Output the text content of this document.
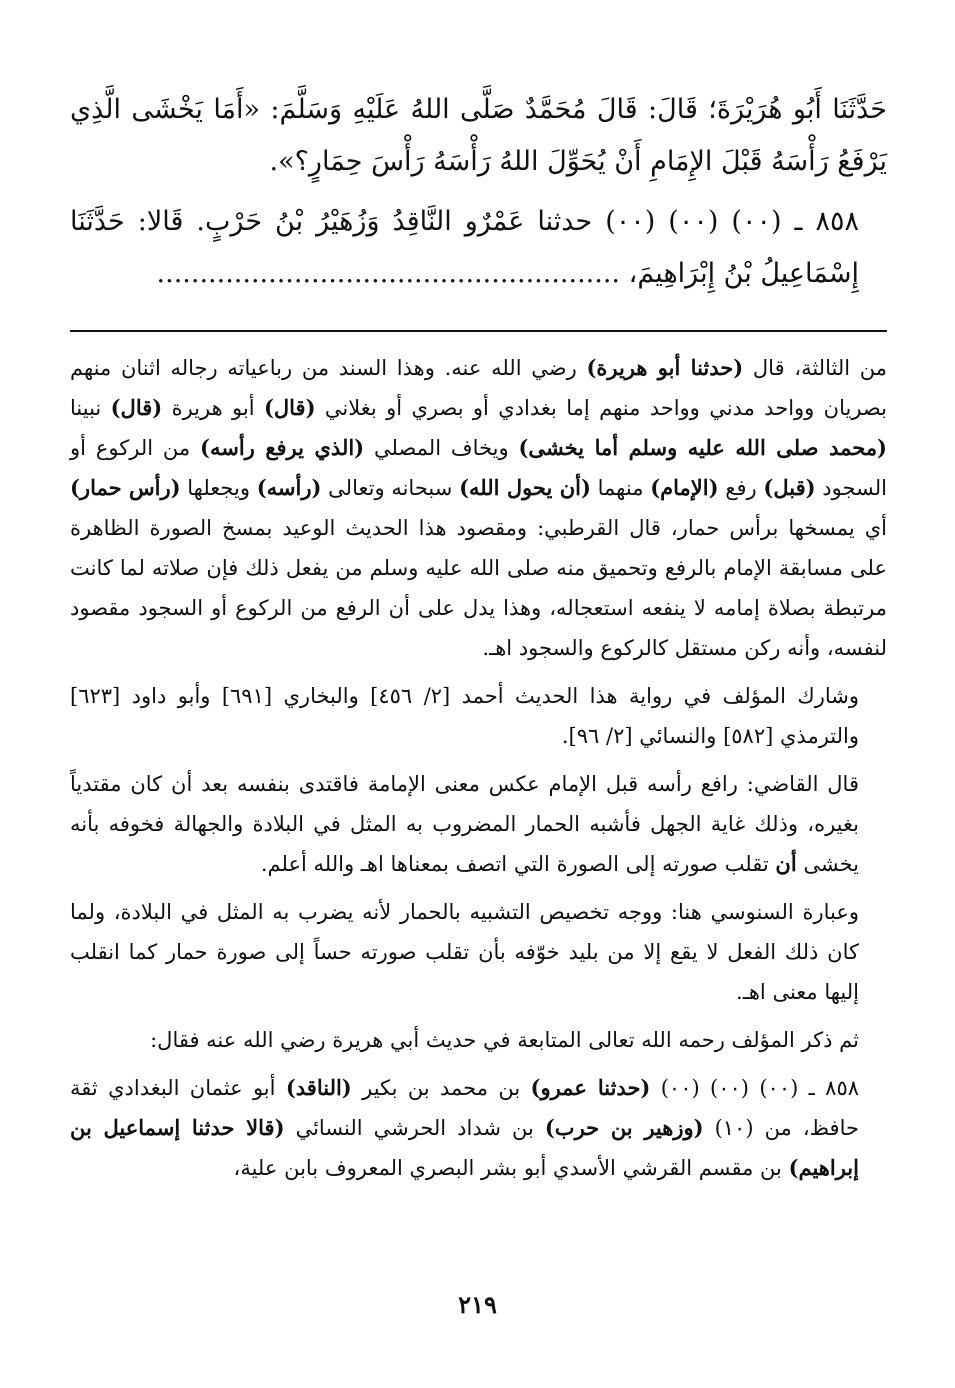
حَدَّثَنَا أَبُو هُرَيْرَةَ؛ قَالَ: قَالَ مُحَمَّدٌ صَلَّى اللهُ عَلَيْهِ وَسَلَّمَ: «أَمَا يَخْشَى الَّذِي يَرْفَعُ رَأْسَهُ قَبْلَ الإِمَامِ أَنْ يُحَوِّلَ اللهُ رَأْسَهُ رَأْسَ حِمَارٍ؟».

٨٥٨ ـ (٠٠) (٠٠) (٠٠) حدثنا عَمْرٌو النَّاقِدُ وَزُهَيْرُ بْنُ حَرْبٍ. قَالا: حَدَّثَنَا إِسْمَاعِيلُ بْنُ إِبْرَاهِيمَ، ......................................................

من الثالثة، قال (حدثنا أبو هريرة) رضي الله عنه. وهذا السند من رباعياته رجاله اثنان منهم بصريان وواحد مدني وواحد منهم إما بغدادي أو بصري أو بغلاني (قال) أبو هريرة (قال) نبينا (محمد صلى الله عليه وسلم أما يخشى) ويخاف المصلي (الذي يرفع رأسه) من الركوع أو السجود (قبل) رفع (الإمام) منهما (أن يحول الله) سبحانه وتعالى (رأسه) ويجعلها (رأس حمار) أي يمسخها برأس حمار، قال القرطبي: ومقصود هذا الحديث الوعيد بمسخ الصورة الظاهرة على مسابقة الإمام بالرفع وتحميق منه صلى الله عليه وسلم من يفعل ذلك فإن صلاته لما كانت مرتبطة بصلاة إمامه لا ينفعه استعجاله، وهذا يدل على أن الرفع من الركوع أو السجود مقصود لنفسه، وأنه ركن مستقل كالركوع والسجود اهـ.

وشارك المؤلف في رواية هذا الحديث أحمد [٢/ ٤٥٦] والبخاري [٦٩١] وأبو داود [٦٢٣] والترمذي [٥٨٢] والنسائي [٢/ ٩٦].

قال القاضي: رافع رأسه قبل الإمام عكس معنى الإمامة فاقتدى بنفسه بعد أن كان مقتدياً بغيره، وذلك غاية الجهل فأشبه الحمار المضروب به المثل في البلادة والجهالة فخوفه بأنه يخشى أن تقلب صورته إلى الصورة التي اتصف بمعناها اهـ والله أعلم.

وعبارة السنوسي هنا: ووجه تخصيص التشبيه بالحمار لأنه يضرب به المثل في البلادة، ولما كان ذلك الفعل لا يقع إلا من بليد خوّفه بأن تقلب صورته حساً إلى صورة حمار كما انقلب إليها معنى اهـ.

ثم ذكر المؤلف رحمه الله تعالى المتابعة في حديث أبي هريرة رضي الله عنه فقال:

٨٥٨ ـ (٠٠) (٠٠) (٠٠) (حدثنا عمرو) بن محمد بن بكير (الناقد) أبو عثمان البغدادي ثقة حافظ، من (١٠) (وزهير بن حرب) بن شداد الحرشي النسائي (قالا حدثنا إسماعيل بن إبراهيم) بن مقسم القرشي الأسدي أبو بشر البصري المعروف بابن علية،

٢١٩
